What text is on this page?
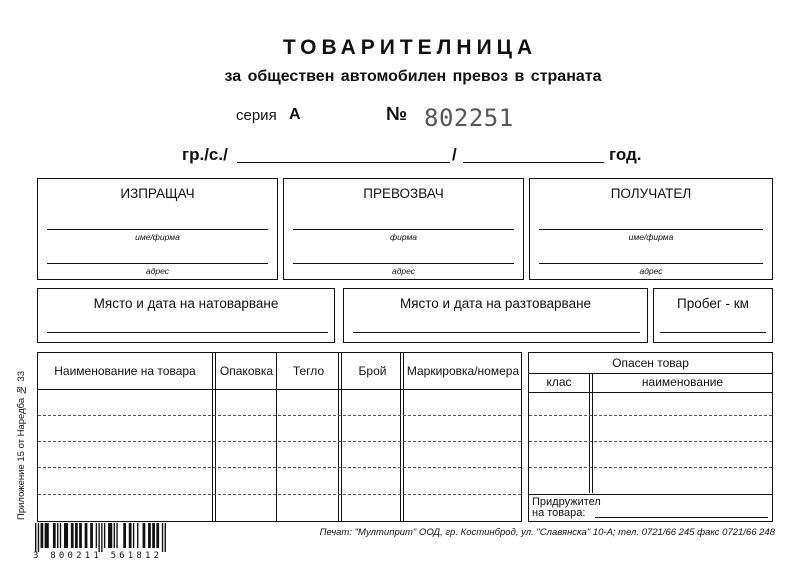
ТОВАРИТЕЛНИЦА
за обществен автомобилен превоз в страната
серия А	№ 802251
гр./с./	/	год.
ИЗПРАЩАЧ
име/фирма
адрес
ПРЕВОЗВАЧ
фирма
адрес
ПОЛУЧАТЕЛ
име/фирма
адрес
Място и дата на натоварване	Място и дата на разтоварване	Пробег - км
Наименование на товара	Опаковка	Тегло	Брой	Маркировка/номера
Опасен товар
клас	наименование
Придружител
на товара:
Приложение 15 от Наредба № 33
3 800211 561812
Печат: "Мултиприт" ООД, гр. Костинброд, ул. "Славянска" 10-А; тел. 0721/66 245 факс 0721/66 248
